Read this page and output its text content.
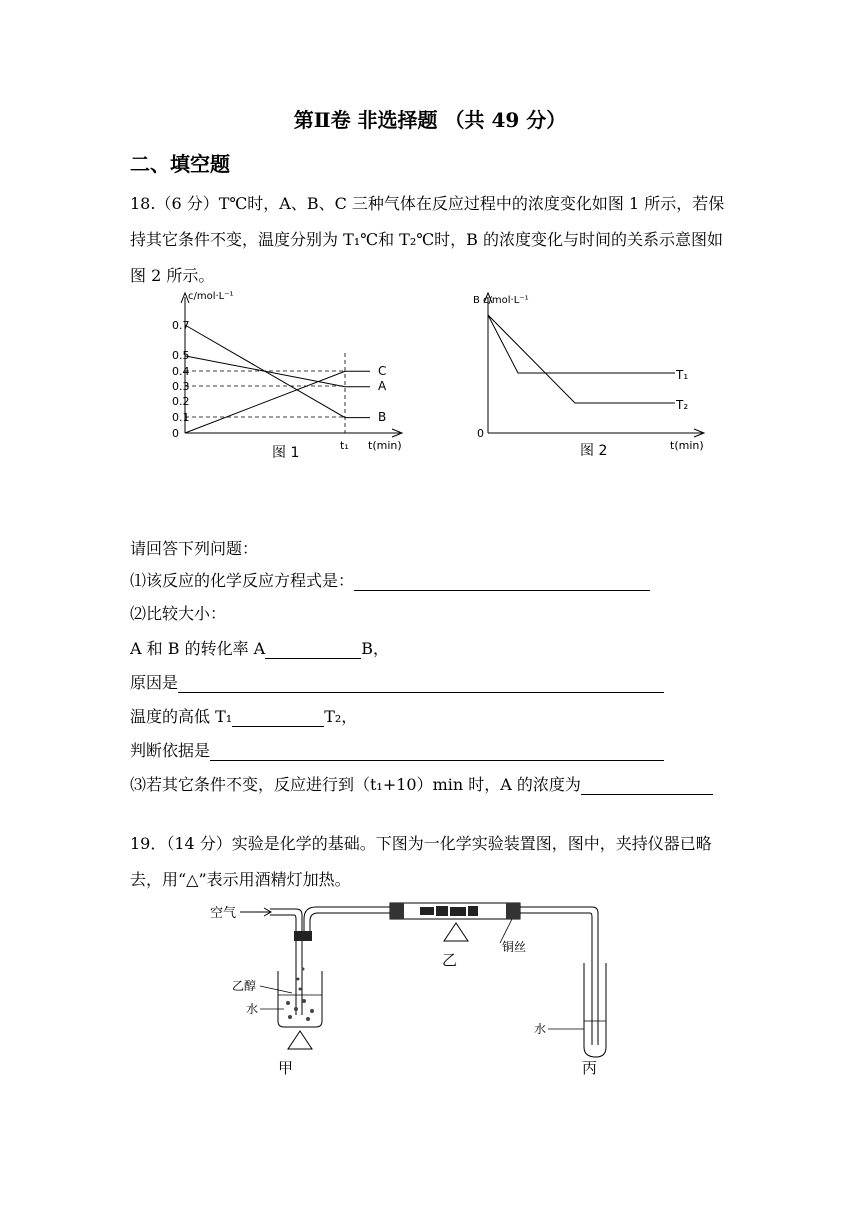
第Ⅱ卷 非选择题 （共 49 分）
二、填空题
18.（6 分）T℃时，A、B、C 三种气体在反应过程中的浓度变化如图 1 所示，若保持其它条件不变，温度分别为 T₁℃和 T₂℃时，B 的浓度变化与时间的关系示意图如图 2 所示。
c/mol·L⁻¹
0.7
0.5
0.4
0.3
0.2
0.1
0
C
A
B
t₁ t(min)
图 1
B c/mol·L⁻¹
0
T₁
T₂
t(min)
图 2
请回答下列问题：
⑴该反应的化学反应方程式是：
⑵比较大小：
A 和 B 的转化率 A	B，
原因是
温度的高低 T₁	T₂，
判断依据是
⑶若其它条件不变，反应进行到（t₁+10）min 时，A 的浓度为
19．（14 分）实验是化学的基础。下图为一化学实验装置图，图中，夹持仪器已略去，用“△”表示用酒精灯加热。
空气
乙醇
水
甲
乙
铜丝
水
丙
